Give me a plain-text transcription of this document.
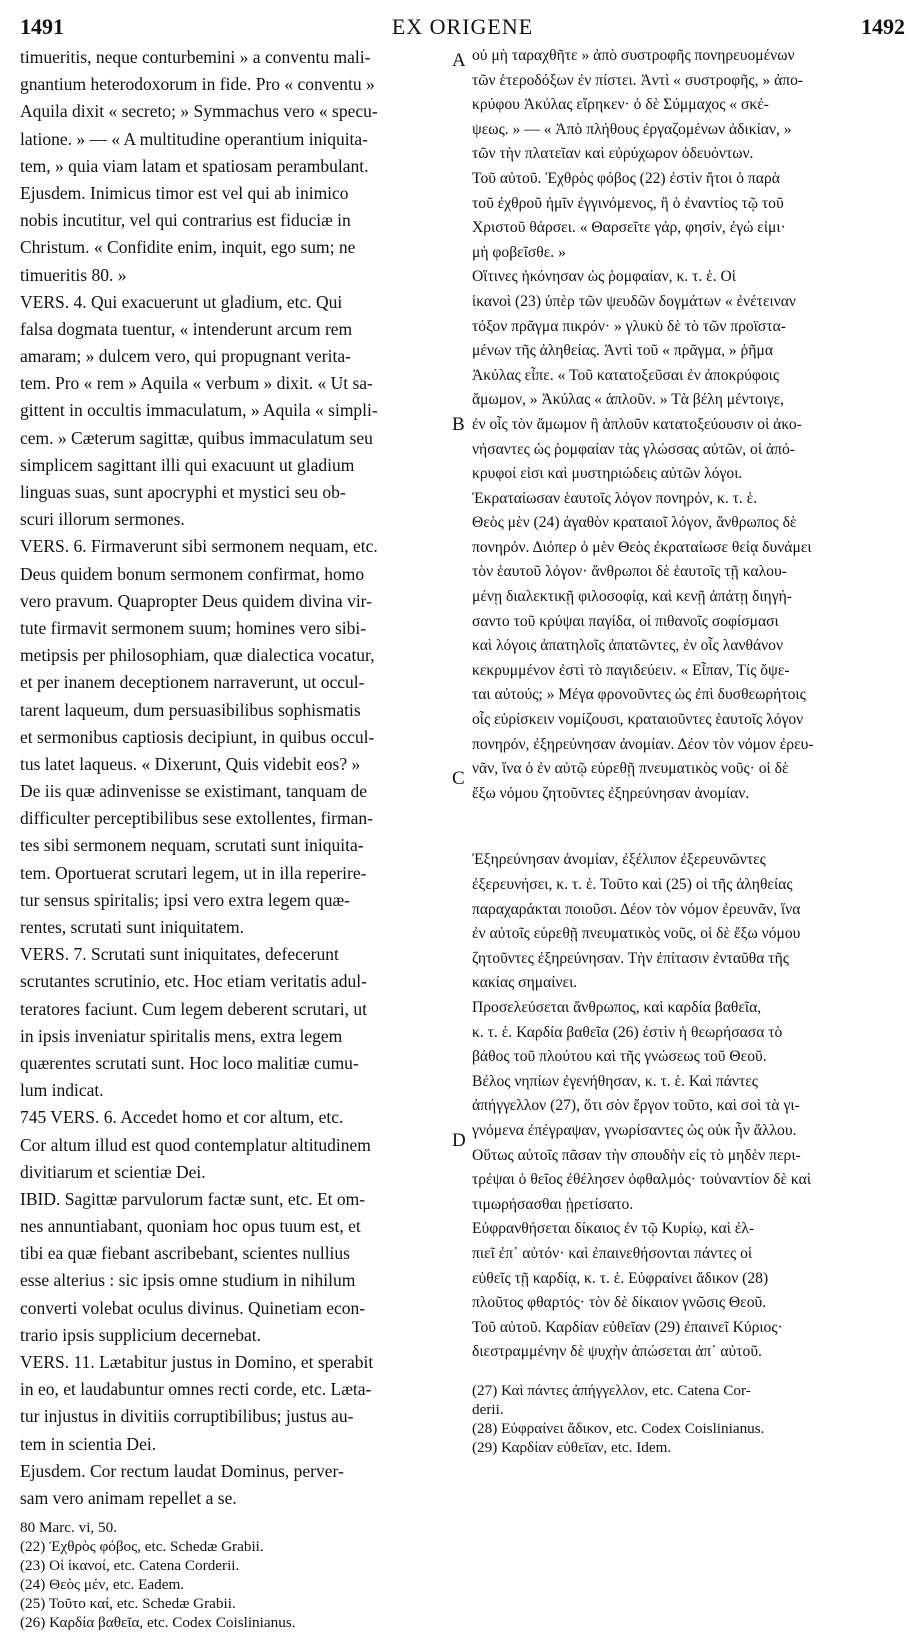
1491	EX ORIGENE	1492
A
B
C
D
timueritis, neque conturbemini » a conventu mali-
gnantium heterodoxorum in fide. Pro « conventu »
Aquila dixit « secreto; » Symmachus vero « specu-
latione. » — « A multitudine operantium iniquita-
tem, » quia viam latam et spatiosam perambulant.
Ejusdem. Inimicus timor est vel qui ab inimico
nobis incutitur, vel qui contrarius est fiduciæ in
Christum. « Confidite enim, inquit, ego sum; ne
timueritis 80. »
VERS. 4. Qui exacuerunt ut gladium, etc. Qui
falsa dogmata tuentur, « intenderunt arcum rem
amaram; » dulcem vero, qui propugnant verita-
tem. Pro « rem » Aquila « verbum » dixit. « Ut sa-
gittent in occultis immaculatum, » Aquila « simpli-
cem. » Cæterum sagittæ, quibus immaculatum seu
simplicem sagittant illi qui exacuunt ut gladium
linguas suas, sunt apocryphi et mystici seu ob-
scuri illorum sermones.
VERS. 6. Firmaverunt sibi sermonem nequam, etc.
Deus quidem bonum sermonem confirmat, homo
vero pravum. Quapropter Deus quidem divina vir-
tute firmavit sermonem suum; homines vero sibi-
metipsis per philosophiam, quæ dialectica vocatur,
et per inanem deceptionem narraverunt, ut occul-
tarent laqueum, dum persuasibilibus sophismatis
et sermonibus captiosis decipiunt, in quibus occul-
tus latet laqueus. « Dixerunt, Quis videbit eos? »
De iis quæ adinvenisse se existimant, tanquam de
difficulter perceptibilibus sese extollentes, firman-
tes sibi sermonem nequam, scrutati sunt iniquita-
tem. Oportuerat scrutari legem, ut in illa reperire-
tur sensus spiritalis; ipsi vero extra legem quæ-
rentes, scrutati sunt iniquitatem.
VERS. 7. Scrutati sunt iniquitates, defecerunt
scrutantes scrutinio, etc. Hoc etiam veritatis adul-
teratores faciunt. Cum legem deberent scrutari, ut
in ipsis inveniatur spiritalis mens, extra legem
quærentes scrutati sunt. Hoc loco malitiæ cumu-
lum indicat.
745 VERS. 6. Accedet homo et cor altum, etc.
Cor altum illud est quod contemplatur altitudinem
divitiarum et scientiæ Dei.
IBID. Sagittæ parvulorum factæ sunt, etc. Et om-
nes annuntiabant, quoniam hoc opus tuum est, et
tibi ea quæ fiebant ascribebant, scientes nullius
esse alterius : sic ipsis omne studium in nihilum
converti volebat oculus divinus. Quinetiam econ-
trario ipsis supplicium decernebat.
VERS. 11. Lætabitur justus in Domino, et sperabit
in eo, et laudabuntur omnes recti corde, etc. Læta-
tur injustus in divitiis corruptibilibus; justus au-
tem in scientia Dei.
Ejusdem. Cor rectum laudat Dominus, perver-
sam vero animam repellet a se.
80 Marc. vi, 50.
(22) Ἐχθρὸς φόβος, etc. Schedæ Grabii.
(23) Οἱ ἱκανοί, etc. Catena Corderii.
(24) Θεὸς μέν, etc. Eadem.
(25) Τοῦτο καί, etc. Schedæ Grabii.
(26) Καρδία βαθεῖα, etc. Codex Coislinianus.
οὐ μὴ ταραχθῆτε » ἀπὸ συστροφῆς πονηρευομένων
τῶν ἑτεροδόξων ἐν πίστει. Ἀντὶ « συστροφῆς, » ἀπο-
κρύφου Ἀκύλας εἴρηκεν· ὁ δὲ Σύμμαχος « σκέ-
ψεως. » — « Ἀπὸ πλήθους ἐργαζομένων ἀδικίαν, »
τῶν τὴν πλατεῖαν καὶ εὐρύχωρον ὁδευόντων.
Τοῦ αὐτοῦ. Ἐχθρὸς φόβος (22) ἐστὶν ἤτοι ὁ παρὰ
τοῦ ἐχθροῦ ἡμῖν ἐγγινόμενος, ἢ ὁ ἐναντίος τῷ τοῦ
Χριστοῦ θάρσει. « Θαρσεῖτε γάρ, φησίν, ἐγώ εἰμι·
μὴ φοβεῖσθε. »
Οἵτινες ἠκόνησαν ὡς ῥομφαίαν, κ. τ. ἑ. Οἱ
ἱκανοὶ (23) ὑπὲρ τῶν ψευδῶν δογμάτων « ἐνέτειναν
τόξον πρᾶγμα πικρόν· » γλυκὺ δὲ τὸ τῶν προϊστα-
μένων τῆς ἀληθείας. Ἀντὶ τοῦ « πρᾶγμα, » ῥῆμα
Ἀκύλας εἶπε. « Τοῦ κατατοξεῦσαι ἐν ἀποκρύφοις
ἄμωμον, » Ἀκύλας « ἁπλοῦν. » Τὰ βέλη μέντοιγε,
ἐν οἷς τὸν ἄμωμον ἢ ἁπλοῦν κατατοξεύουσιν οἱ ἀκο-
νήσαντες ὡς ῥομφαίαν τὰς γλώσσας αὐτῶν, οἱ ἀπό-
κρυφοί εἰσι καὶ μυστηριώδεις αὐτῶν λόγοι.
Ἐκραταίωσαν ἑαυτοῖς λόγον πονηρόν, κ. τ. ἑ.
Θεὸς μὲν (24) ἀγαθὸν κραταιοῖ λόγον, ἄνθρωπος δὲ
πονηρόν. Διόπερ ὁ μὲν Θεὸς ἐκραταίωσε θείᾳ δυνάμει
τὸν ἑαυτοῦ λόγον· ἄνθρωποι δὲ ἑαυτοῖς τῇ καλου-
μένῃ διαλεκτικῇ φιλοσοφίᾳ, καὶ κενῇ ἀπάτῃ διηγή-
σαντο τοῦ κρύψαι παγίδα, οἱ πιθανοῖς σοφίσμασι
καὶ λόγοις ἀπατηλοῖς ἀπατῶντες, ἐν οἷς λανθάνον
κεκρυμμένον ἐστὶ τὸ παγιδεύειν. « Εἶπαν, Τίς ὄψε-
ται αὐτούς; » Μέγα φρονοῦντες ὡς ἐπὶ δυσθεωρήτοις
οἷς εὑρίσκειν νομίζουσι, κραταιοῦντες ἑαυτοῖς λόγον
πονηρόν, ἐξηρεύνησαν ἀνομίαν. Δέον τὸν νόμον ἐρευ-
νᾶν, ἵνα ὁ ἐν αὐτῷ εὑρεθῇ πνευματικὸς νοῦς· οἱ δὲ
ἔξω νόμου ζητοῦντες ἐξηρεύνησαν ἀνομίαν.
Ἐξηρεύνησαν ἀνομίαν, ἐξέλιπον ἐξερευνῶντες
ἐξερευνήσει, κ. τ. ἑ. Τοῦτο καὶ (25) οἱ τῆς ἀληθείας
παραχαράκται ποιοῦσι. Δέον τὸν νόμον ἐρευνᾶν, ἵνα
ἐν αὐτοῖς εὑρεθῇ πνευματικὸς νοῦς, οἱ δὲ ἔξω νόμου
ζητοῦντες ἐξηρεύνησαν. Τὴν ἐπίτασιν ἐνταῦθα τῆς
κακίας σημαίνει.
Προσελεύσεται ἄνθρωπος, καὶ καρδία βαθεῖα,
κ. τ. ἑ. Καρδία βαθεῖα (26) ἐστὶν ἡ θεωρήσασα τὸ
βάθος τοῦ πλούτου καὶ τῆς γνώσεως τοῦ Θεοῦ.
Βέλος νηπίων ἐγενήθησαν, κ. τ. ἑ. Καὶ πάντες
ἀπήγγελλον (27), ὅτι σὸν ἔργον τοῦτο, καὶ σοὶ τὰ γι-
γνόμενα ἐπέγραψαν, γνωρίσαντες ὡς οὐκ ἦν ἄλλου.
Οὕτως αὐτοῖς πᾶσαν τὴν σπουδὴν εἰς τὸ μηδὲν περι-
τρέψαι ὁ θεῖος ἐθέλησεν ὀφθαλμός· τοὐναντίον δὲ καὶ
τιμωρήσασθαι ᾑρετίσατο.
Εὐφρανθήσεται δίκαιος ἐν τῷ Κυρίῳ, καὶ ἐλ-
πιεῖ ἐπ᾽ αὐτόν· καὶ ἐπαινεθήσονται πάντες οἱ
εὐθεῖς τῇ καρδίᾳ, κ. τ. ἑ. Εὐφραίνει ἄδικον (28)
πλοῦτος φθαρτός· τὸν δὲ δίκαιον γνῶσις Θεοῦ.
Τοῦ αὐτοῦ. Καρδίαν εὐθεῖαν (29) ἐπαινεῖ Κύριος·
διεστραμμένην δὲ ψυχὴν ἀπώσεται ἀπ᾽ αὐτοῦ.
(27) Καὶ πάντες ἀπήγγελλον, etc. Catena Cor-
derii.
(28) Εὐφραίνει ἄδικον, etc. Codex Coislinianus.
(29) Καρδίαν εὐθεῖαν, etc. Idem.
